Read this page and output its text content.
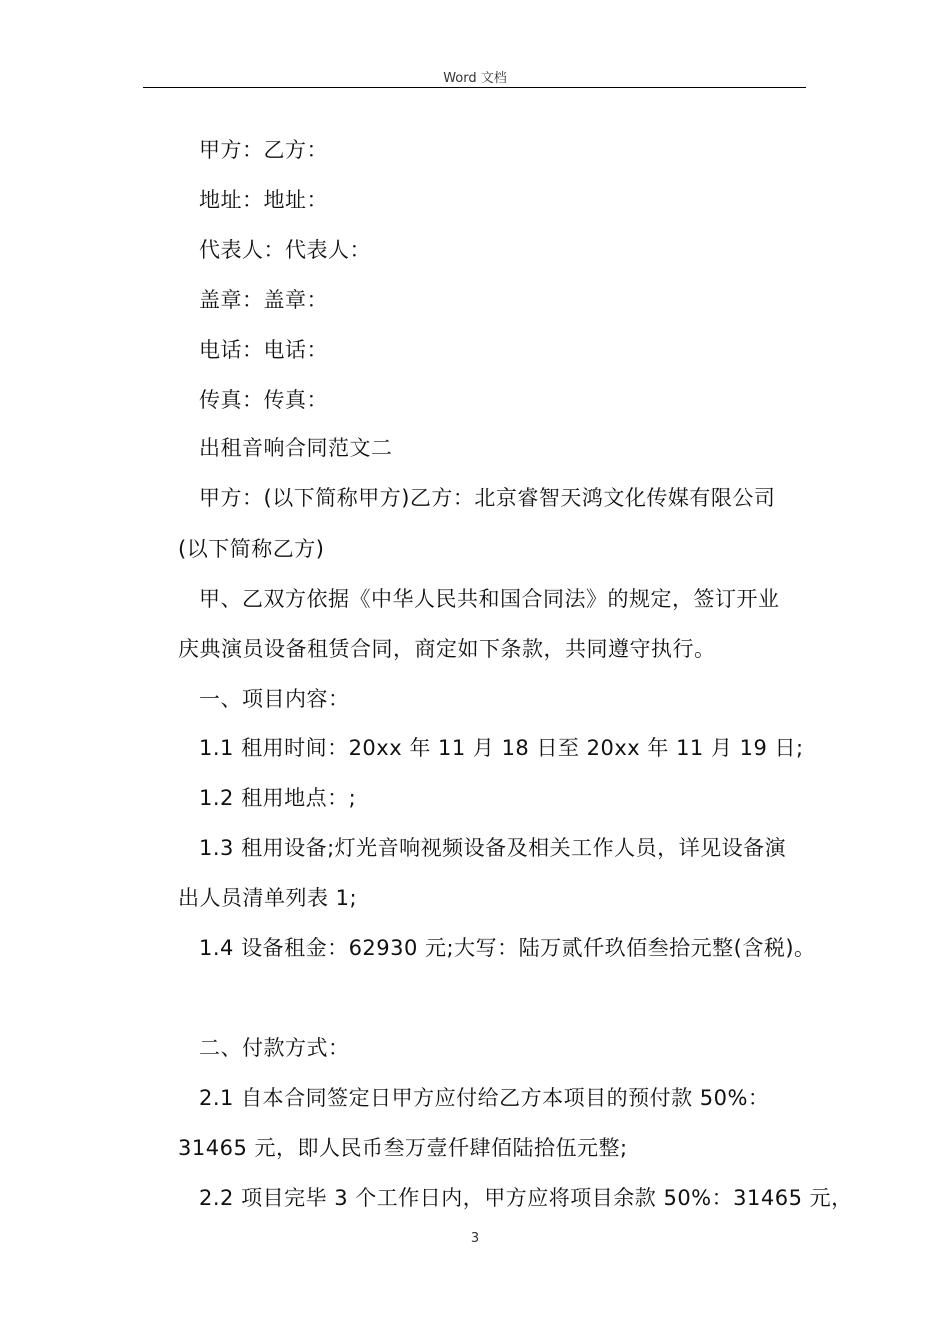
Word 文档
甲方：乙方：
地址：地址：
代表人：代表人：
盖章：盖章：
电话：电话：
传真：传真：
出租音响合同范文二
甲方：(以下简称甲方)乙方：北京睿智天鸿文化传媒有限公司
(以下简称乙方)
甲、乙双方依据《中华人民共和国合同法》的规定，签订开业
庆典演员设备租赁合同，商定如下条款，共同遵守执行。
一、项目内容：
1.1 租用时间：20xx 年 11 月 18 日至 20xx 年 11 月 19 日;
1.2 租用地点：;
1.3 租用设备;灯光音响视频设备及相关工作人员，详见设备演
出人员清单列表 1;
1.4 设备租金：62930 元;大写：陆万贰仟玖佰叁拾元整(含税)。
二、付款方式：
2.1 自本合同签定日甲方应付给乙方本项目的预付款 50%：
31465 元，即人民币叁万壹仟肆佰陆拾伍元整;
2.2 项目完毕 3 个工作日内，甲方应将项目余款 50%：31465 元，
3
